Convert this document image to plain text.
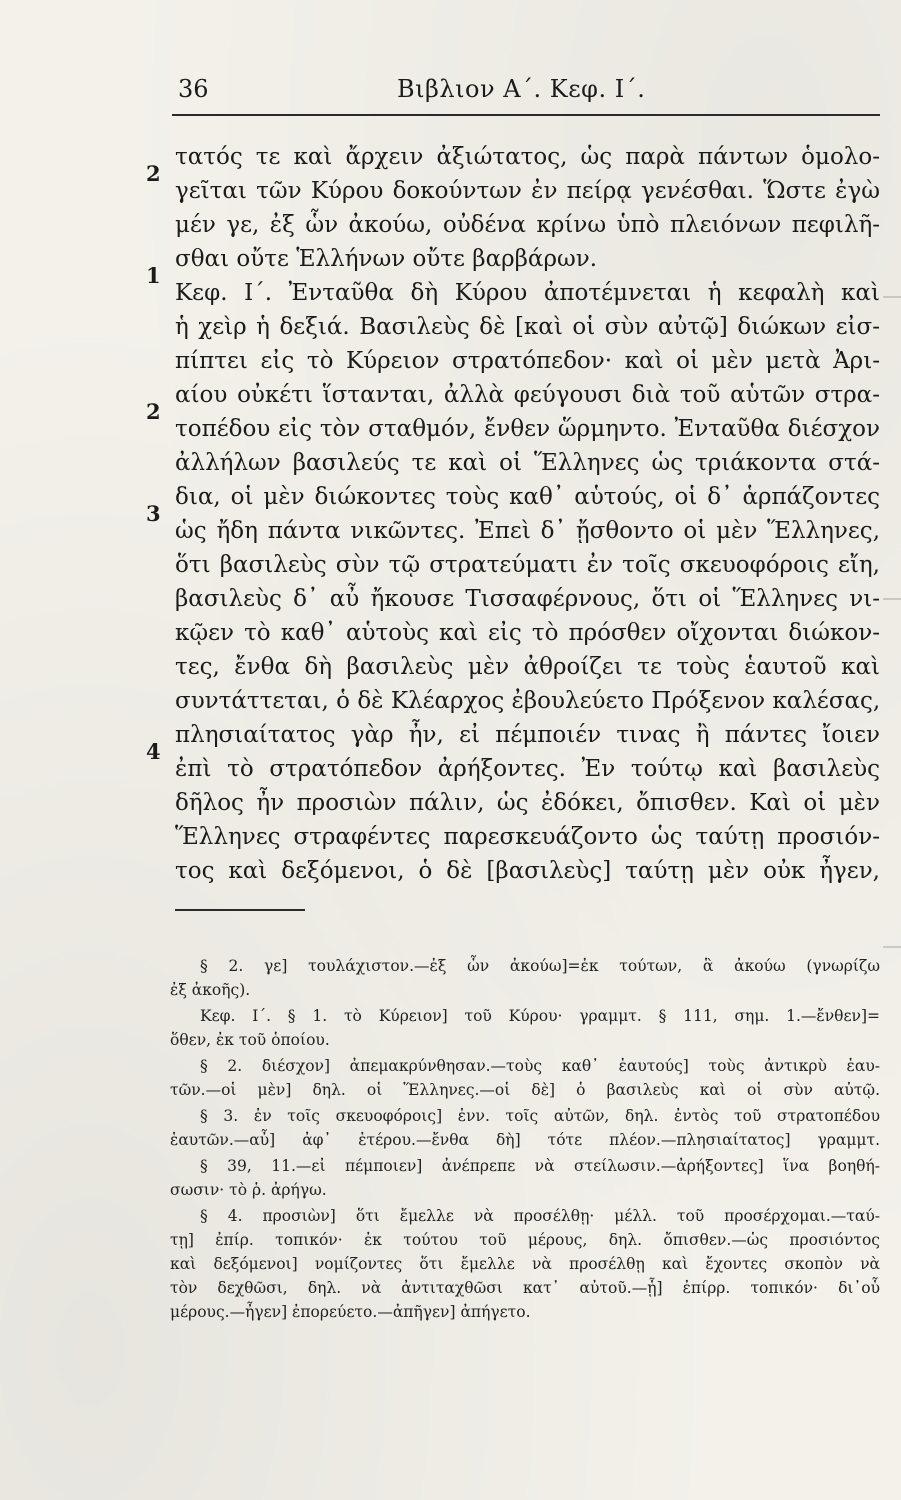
36	Βιβλιον Α΄. Κεφ. Ι΄.
2
1
2
3
4
τατός τε καὶ ἄρχειν ἀξιώτατος, ὡς παρὰ πάντων ὁμολο-
γεῖται τῶν Κύρου δοκούντων ἐν πείρᾳ γενέσθαι. Ὥστε ἐγὼ
μέν γε, ἐξ ὧν ἀκούω, οὐδένα κρίνω ὑπὸ πλειόνων πεφιλῆ-
σθαι οὔτε Ἑλλήνων οὔτε βαρβάρων.
Κεφ. Ι΄. Ἐνταῦθα δὴ Κύρου ἀποτέμνεται ἡ κεφαλὴ καὶ
ἡ χεὶρ ἡ δεξιά. Βασιλεὺς δὲ [καὶ οἱ σὺν αὐτῷ] διώκων εἰσ-
πίπτει εἰς τὸ Κύρειον στρατόπεδον· καὶ οἱ μὲν μετὰ Ἀρι-
αίου οὐκέτι ἵστανται, ἀλλὰ φεύγουσι διὰ τοῦ αὑτῶν στρα-
τοπέδου εἰς τὸν σταθμόν, ἔνθεν ὥρμηντο. Ἐνταῦθα διέσχον
ἀλλήλων βασιλεύς τε καὶ οἱ Ἕλληνες ὡς τριάκοντα στά-
δια, οἱ μὲν διώκοντες τοὺς καθ᾽ αὑτούς, οἱ δ᾽ ἁρπάζοντες
ὡς ἤδη πάντα νικῶντες. Ἐπεὶ δ᾽ ᾔσθοντο οἱ μὲν Ἕλληνες,
ὅτι βασιλεὺς σὺν τῷ στρατεύματι ἐν τοῖς σκευοφόροις εἴη,
βασιλεὺς δ᾽ αὖ ἤκουσε Τισσαφέρνους, ὅτι οἱ Ἕλληνες νι-
κῷεν τὸ καθ᾽ αὑτοὺς καὶ εἰς τὸ πρόσθεν οἴχονται διώκον-
τες, ἔνθα δὴ βασιλεὺς μὲν ἀθροίζει τε τοὺς ἑαυτοῦ καὶ
συντάττεται, ὁ δὲ Κλέαρχος ἐβουλεύετο Πρόξενον καλέσας,
πλησιαίτατος γὰρ ἦν, εἰ πέμποιέν τινας ἢ πάντες ἴοιεν
ἐπὶ τὸ στρατόπεδον ἀρήξοντες. Ἐν τούτῳ καὶ βασιλεὺς
δῆλος ἦν προσιὼν πάλιν, ὡς ἐδόκει, ὄπισθεν. Καὶ οἱ μὲν
Ἕλληνες στραφέντες παρεσκευάζοντο ὡς ταύτῃ προσιόν-
τος καὶ δεξόμενοι, ὁ δὲ [βασιλεὺς] ταύτῃ μὲν οὐκ ἦγεν,
§ 2. γε] τουλάχιστον.—ἐξ ὧν ἀκούω]=ἐκ τούτων, ἃ ἀκούω (γνωρίζω
ἐξ ἀκοῆς).
Κεφ. Ι΄. § 1. τὸ Κύρειον] τοῦ Κύρου· γραμμτ. § 111, σημ. 1.—ἔνθεν]=
ὅθεν, ἐκ τοῦ ὁποίου.
§ 2. διέσχον] ἀπεμακρύνθησαν.—τοὺς καθ᾽ ἑαυτούς] τοὺς ἀντικρὺ ἑαυ-
τῶν.—οἱ μὲν] δηλ. οἱ Ἕλληνες.—οἱ δὲ] ὁ βασιλεὺς καὶ οἱ σὺν αὐτῷ.
§ 3. ἐν τοῖς σκευοφόροις] ἐνν. τοῖς αὐτῶν, δηλ. ἐντὸς τοῦ στρατοπέδου
ἑαυτῶν.—αὖ] ἀφ᾽ ἑτέρου.—ἔνθα δὴ] τότε πλέον.—πλησιαίτατος] γραμμτ.
§ 39, 11.—εἰ πέμποιεν] ἀνέπρεπε νὰ στείλωσιν.—ἀρήξοντες] ἵνα βοηθή-
σωσιν· τὸ ῥ. ἀρήγω.
§ 4. προσιὼν] ὅτι ἔμελλε νὰ προσέλθῃ· μέλλ. τοῦ προσέρχομαι.—ταύ-
τῃ] ἐπίρ. τοπικόν· ἐκ τούτου τοῦ μέρους, δηλ. ὄπισθεν.—ὡς προσιόντος
καὶ δεξόμενοι] νομίζοντες ὅτι ἔμελλε νὰ προσέλθῃ καὶ ἔχοντες σκοπὸν νὰ
τὸν δεχθῶσι, δηλ. νὰ ἀντιταχθῶσι κατ᾽ αὐτοῦ.—ᾗ] ἐπίρρ. τοπικόν· δι᾽οὗ
μέρους.—ἦγεν] ἐπορεύετο.—ἀπῆγεν] ἀπήγετο.
